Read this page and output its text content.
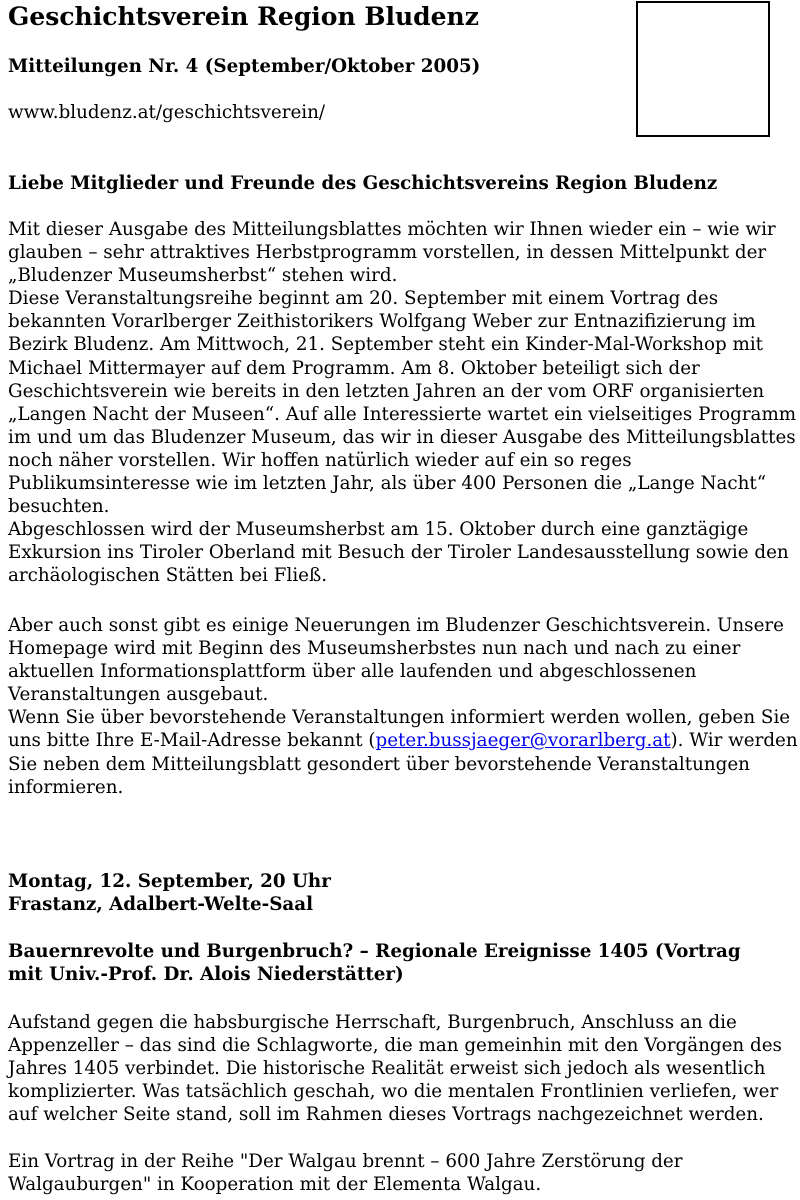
Geschichtsverein Region Bludenz
Mitteilungen Nr. 4 (September/Oktober 2005)
www.bludenz.at/geschichtsverein/
Liebe Mitglieder und Freunde des Geschichtsvereins Region Bludenz
Mit dieser Ausgabe des Mitteilungsblattes möchten wir Ihnen wieder ein – wie wir
glauben – sehr attraktives Herbstprogramm vorstellen, in dessen Mittelpunkt der
„Bludenzer Museumsherbst“ stehen wird.
Diese Veranstaltungsreihe beginnt am 20. September mit einem Vortrag des
bekannten Vorarlberger Zeithistorikers Wolfgang Weber zur Entnazifizierung im
Bezirk Bludenz. Am Mittwoch, 21. September steht ein Kinder-Mal-Workshop mit
Michael Mittermayer auf dem Programm. Am 8. Oktober beteiligt sich der
Geschichtsverein wie bereits in den letzten Jahren an der vom ORF organisierten
„Langen Nacht der Museen“. Auf alle Interessierte wartet ein vielseitiges Programm
im und um das Bludenzer Museum, das wir in dieser Ausgabe des Mitteilungsblattes
noch näher vorstellen. Wir hoffen natürlich wieder auf ein so reges
Publikumsinteresse wie im letzten Jahr, als über 400 Personen die „Lange Nacht“
besuchten.
Abgeschlossen wird der Museumsherbst am 15. Oktober durch eine ganztägige
Exkursion ins Tiroler Oberland mit Besuch der Tiroler Landesausstellung sowie den
archäologischen Stätten bei Fließ.
Aber auch sonst gibt es einige Neuerungen im Bludenzer Geschichtsverein. Unsere
Homepage wird mit Beginn des Museumsherbstes nun nach und nach zu einer
aktuellen Informationsplattform über alle laufenden und abgeschlossenen
Veranstaltungen ausgebaut.
Wenn Sie über bevorstehende Veranstaltungen informiert werden wollen, geben Sie
uns bitte Ihre E-Mail-Adresse bekannt (peter.bussjaeger@vorarlberg.at). Wir werden
Sie neben dem Mitteilungsblatt gesondert über bevorstehende Veranstaltungen
informieren.
Montag, 12. September, 20 Uhr
Frastanz, Adalbert-Welte-Saal
Bauernrevolte und Burgenbruch? – Regionale Ereignisse 1405 (Vortrag
mit Univ.-Prof. Dr. Alois Niederstätter)
Aufstand gegen die habsburgische Herrschaft, Burgenbruch, Anschluss an die
Appenzeller – das sind die Schlagworte, die man gemeinhin mit den Vorgängen des
Jahres 1405 verbindet. Die historische Realität erweist sich jedoch als wesentlich
komplizierter. Was tatsächlich geschah, wo die mentalen Frontlinien verliefen, wer
auf welcher Seite stand, soll im Rahmen dieses Vortrags nachgezeichnet werden.
Ein Vortrag in der Reihe "Der Walgau brennt – 600 Jahre Zerstörung der
Walgauburgen" in Kooperation mit der Elementa Walgau.
